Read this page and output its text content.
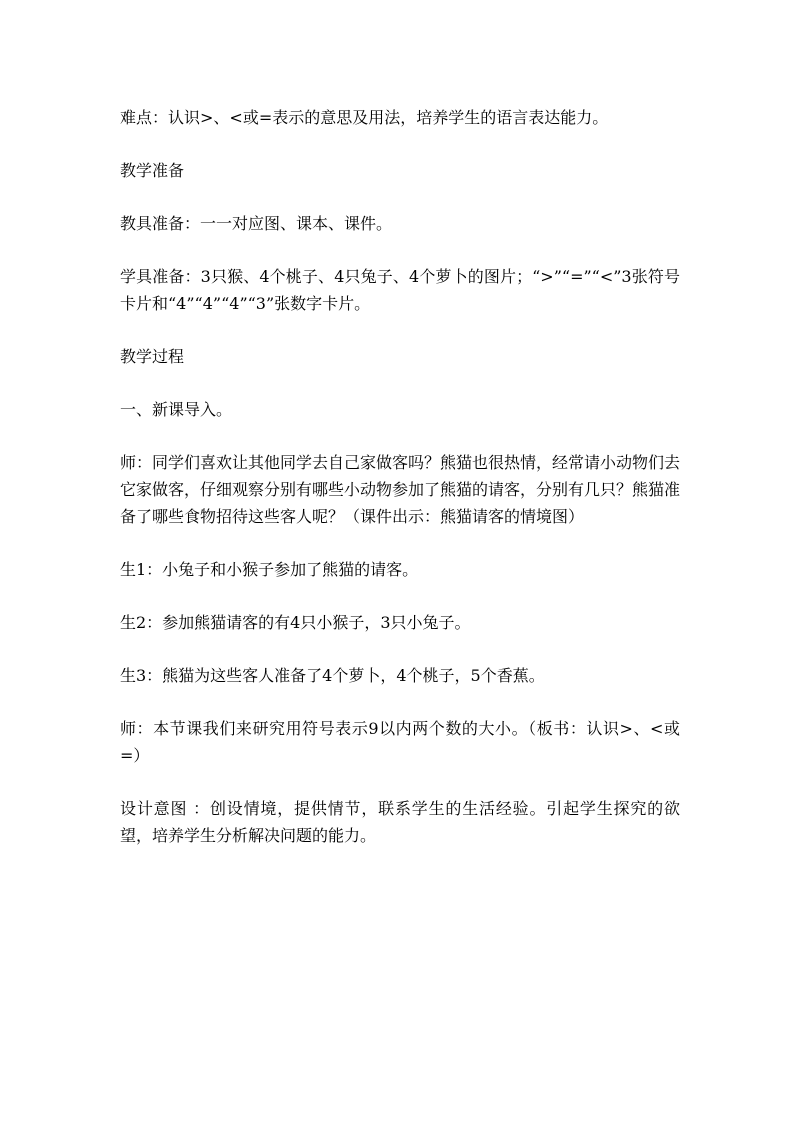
难点：认识>、<或=表示的意思及用法，培养学生的语言表达能力。

教学准备

教具准备：一一对应图、课本、课件。

学具准备：3只猴、4个桃子、4只兔子、4个萝卜的图片；“>”“=”“<”3张符号卡片和“4”“4”“4”“3”张数字卡片。

教学过程

一、新课导入。

师：同学们喜欢让其他同学去自己家做客吗？熊猫也很热情，经常请小动物们去它家做客，仔细观察分别有哪些小动物参加了熊猫的请客，分别有几只？熊猫准备了哪些食物招待这些客人呢？（课件出示：熊猫请客的情境图）

生1：小兔子和小猴子参加了熊猫的请客。

生2：参加熊猫请客的有4只小猴子，3只小兔子。

生3：熊猫为这些客人准备了4个萝卜，4个桃子，5个香蕉。

师：本节课我们来研究用符号表示9以内两个数的大小。（板书：认识>、<或=）

设计意图 ：创设情境，提供情节，联系学生的生活经验。引起学生探究的欲望，培养学生分析解决问题的能力。
